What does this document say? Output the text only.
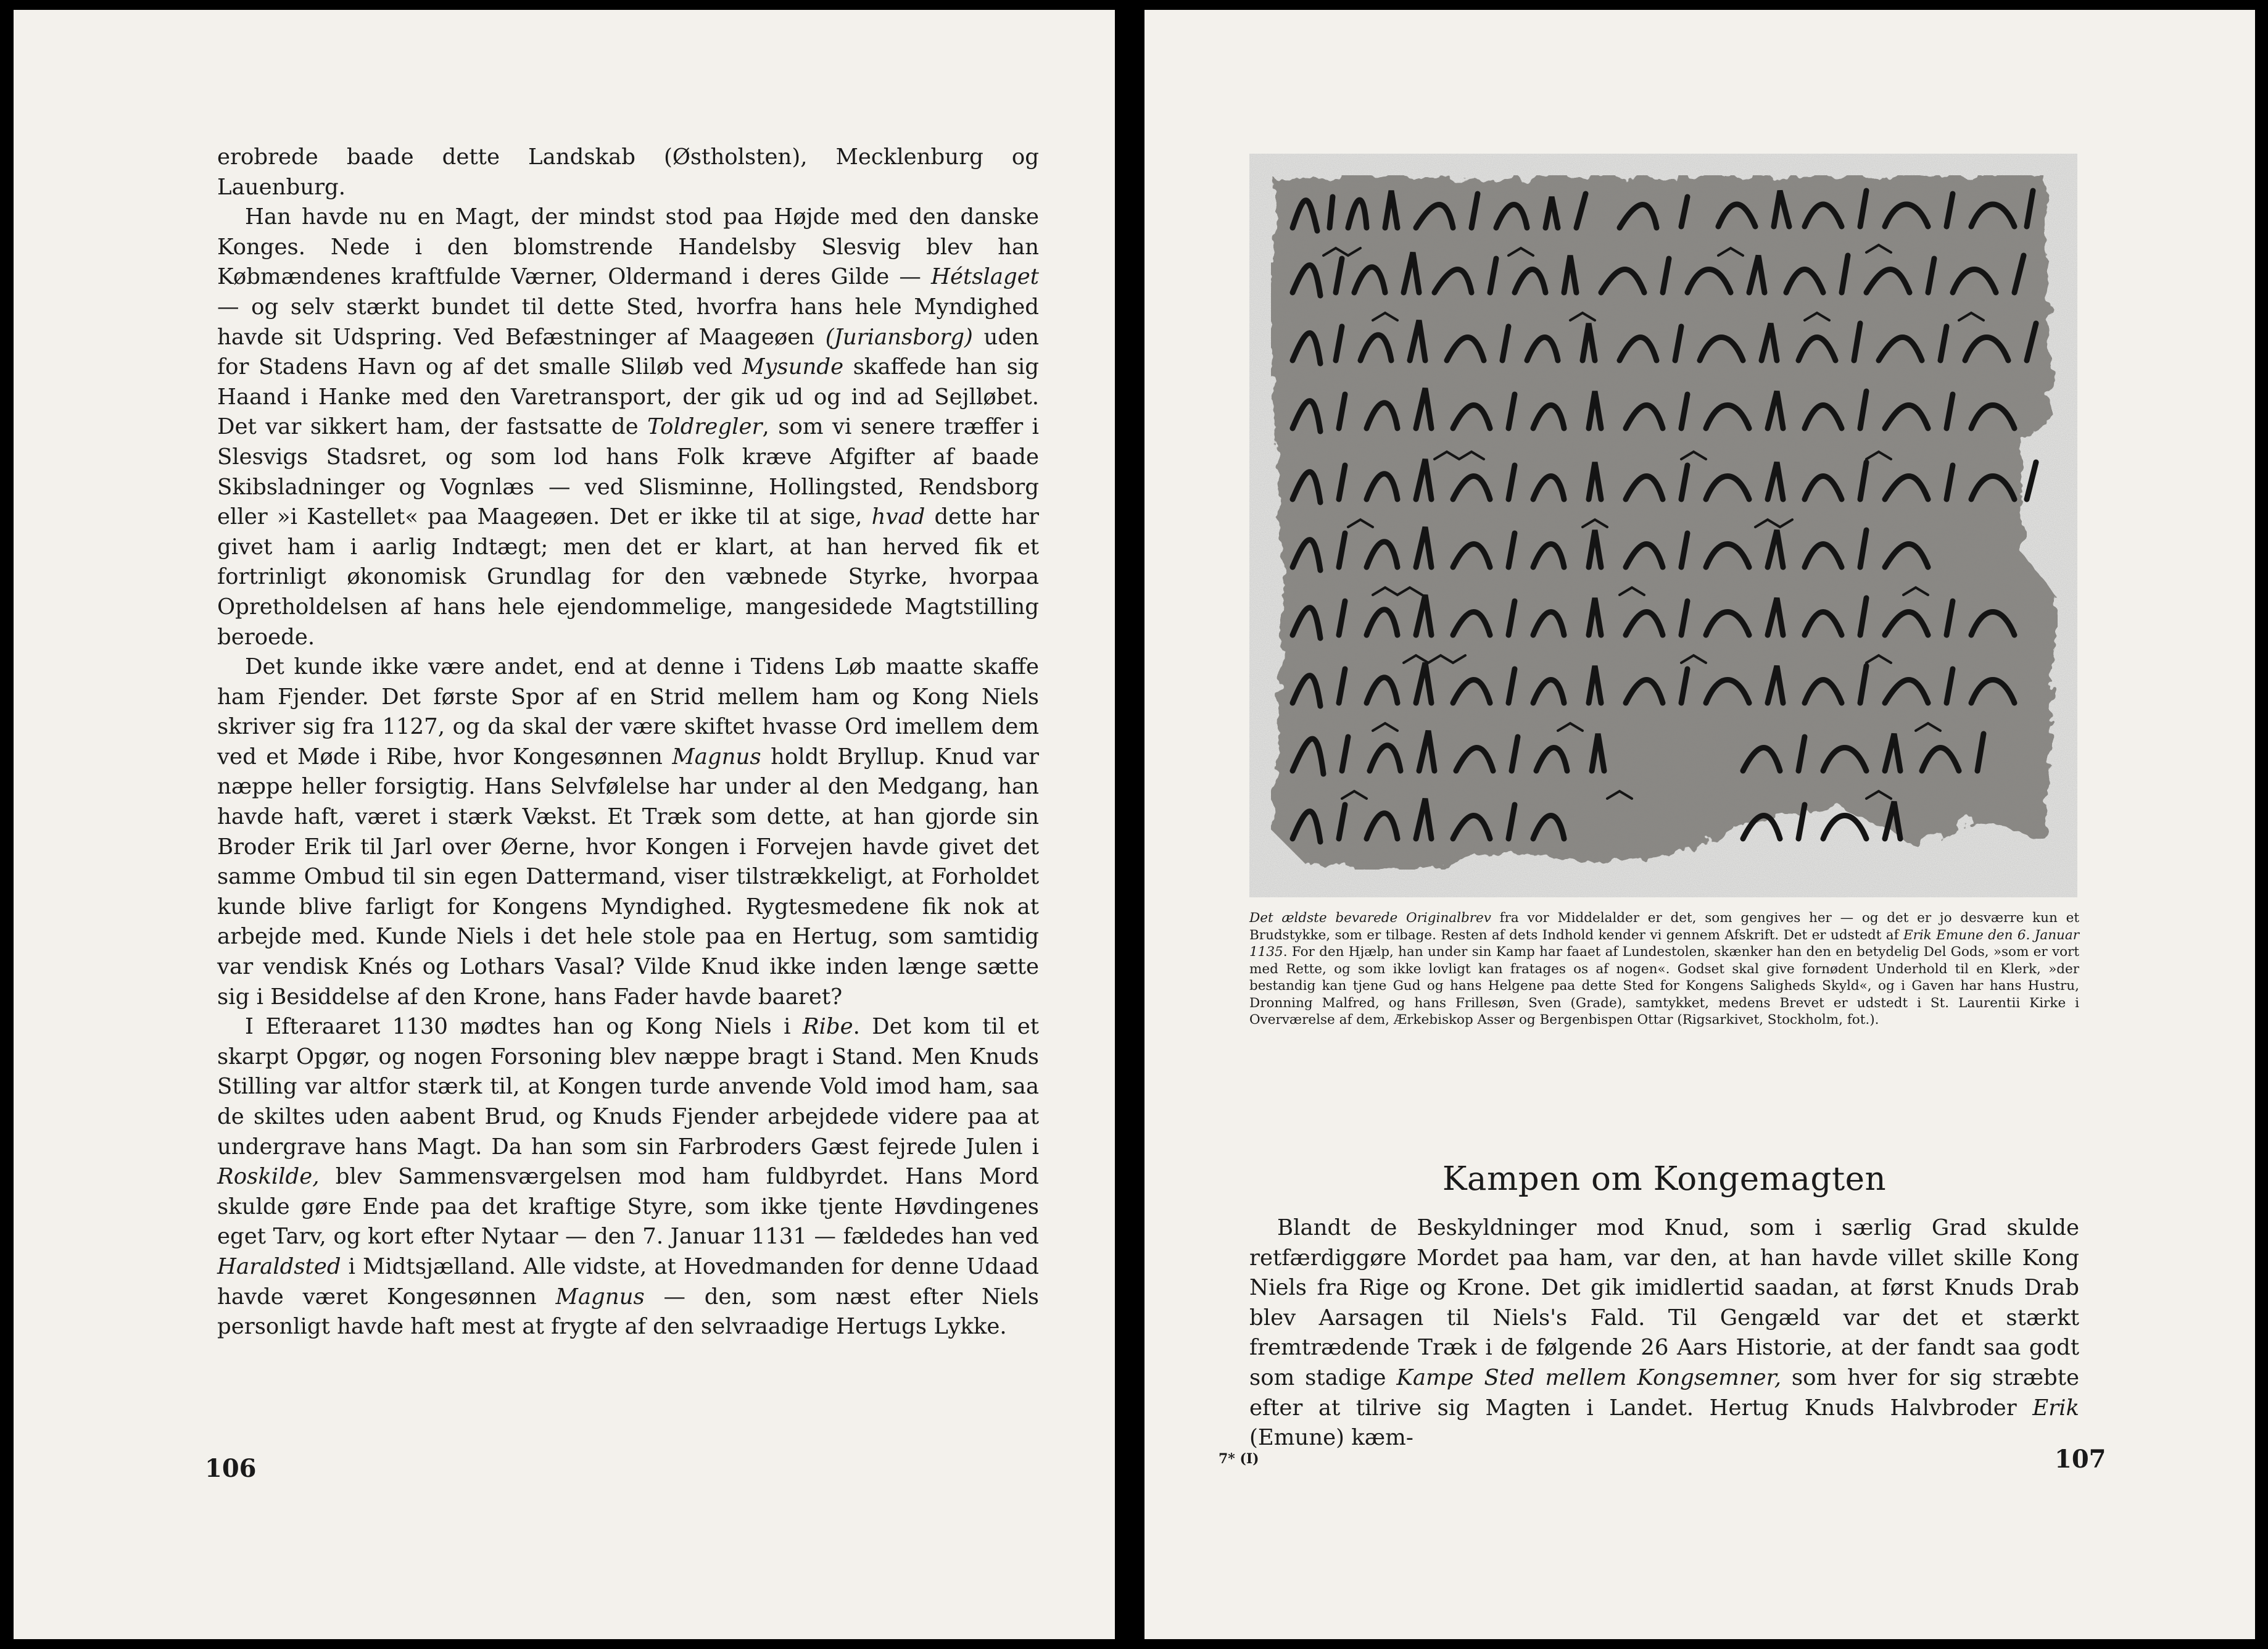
erobrede baade dette Landskab (Østholsten), Mecklenburg og Lauenburg.

Han havde nu en Magt, der mindst stod paa Højde med den danske Konges. Nede i den blomstrende Handelsby Slesvig blev han Købmændenes kraftfulde Værner, Oldermand i deres Gilde — Hétslaget — og selv stærkt bundet til dette Sted, hvorfra hans hele Myndighed havde sit Udspring. Ved Befæstninger af Maageøen (Juriansborg) uden for Stadens Havn og af det smalle Sliløb ved Mysunde skaffede han sig Haand i Hanke med den Varetransport, der gik ud og ind ad Sejlløbet. Det var sikkert ham, der fastsatte de Toldregler, som vi senere træffer i Slesvigs Stadsret, og som lod hans Folk kræve Afgifter af baade Skibsladninger og Vognlæs — ved Slisminne, Hollingsted, Rendsborg eller »i Kastellet« paa Maageøen. Det er ikke til at sige, hvad dette har givet ham i aarlig Indtægt; men det er klart, at han herved fik et fortrinligt økonomisk Grundlag for den væbnede Styrke, hvorpaa Opretholdelsen af hans hele ejendommelige, mangesidede Magtstilling beroede.

Det kunde ikke være andet, end at denne i Tidens Løb maatte skaffe ham Fjender. Det første Spor af en Strid mellem ham og Kong Niels skriver sig fra 1127, og da skal der være skiftet hvasse Ord imellem dem ved et Møde i Ribe, hvor Kongesønnen Magnus holdt Bryllup. Knud var næppe heller forsigtig. Hans Selvfølelse har under al den Medgang, han havde haft, været i stærk Vækst. Et Træk som dette, at han gjorde sin Broder Erik til Jarl over Øerne, hvor Kongen i Forvejen havde givet det samme Ombud til sin egen Dattermand, viser tilstrækkeligt, at Forholdet kunde blive farligt for Kongens Myndighed. Rygtesmedene fik nok at arbejde med. Kunde Niels i det hele stole paa en Hertug, som samtidig var vendisk Knés og Lothars Vasal? Vilde Knud ikke inden længe sætte sig i Besiddelse af den Krone, hans Fader havde baaret?

I Efteraaret 1130 mødtes han og Kong Niels i Ribe. Det kom til et skarpt Opgør, og nogen Forsoning blev næppe bragt i Stand. Men Knuds Stilling var altfor stærk til, at Kongen turde anvende Vold imod ham, saa de skiltes uden aabent Brud, og Knuds Fjender arbejdede videre paa at undergrave hans Magt. Da han som sin Farbroders Gæst fejrede Julen i Roskilde, blev Sammensværgelsen mod ham fuldbyrdet. Hans Mord skulde gøre Ende paa det kraftige Styre, som ikke tjente Høvdingenes eget Tarv, og kort efter Nytaar — den 7. Januar 1131 — fældedes han ved Haraldsted i Midtsjælland. Alle vidste, at Hovedmanden for denne Udaad havde været Kongesønnen Magnus — den, som næst efter Niels personligt havde haft mest at frygte af den selvraadige Hertugs Lykke.

106
Det ældste bevarede Originalbrev fra vor Middelalder er det, som gengives her — og det er jo desværre kun et Brudstykke, som er tilbage. Resten af dets Indhold kender vi gennem Afskrift. Det er udstedt af Erik Emune den 6. Januar 1135. For den Hjælp, han under sin Kamp har faaet af Lundestolen, skænker han den en betydelig Del Gods, »som er vort med Rette, og som ikke lovligt kan fratages os af nogen«. Godset skal give fornødent Underhold til en Klerk, »der bestandig kan tjene Gud og hans Helgene paa dette Sted for Kongens Saligheds Skyld«, og i Gaven har hans Hustru, Dronning Malfred, og hans Frillesøn, Sven (Grade), samtykket, medens Brevet er udstedt i St. Laurentii Kirke i Overværelse af dem, Ærkebiskop Asser og Bergenbispen Ottar (Rigsarkivet, Stockholm, fot.).
Kampen om Kongemagten

Blandt de Beskyldninger mod Knud, som i særlig Grad skulde retfærdiggøre Mordet paa ham, var den, at han havde villet skille Kong Niels fra Rige og Krone. Det gik imidlertid saadan, at først Knuds Drab blev Aarsagen til Niels's Fald. Til Gengæld var det et stærkt fremtrædende Træk i de følgende 26 Aars Historie, at der fandt saa godt som stadige Kampe Sted mellem Kongsemner, som hver for sig stræbte efter at tilrive sig Magten i Landet. Hertug Knuds Halvbroder Erik (Emune) kæm-

7* (I)	107
